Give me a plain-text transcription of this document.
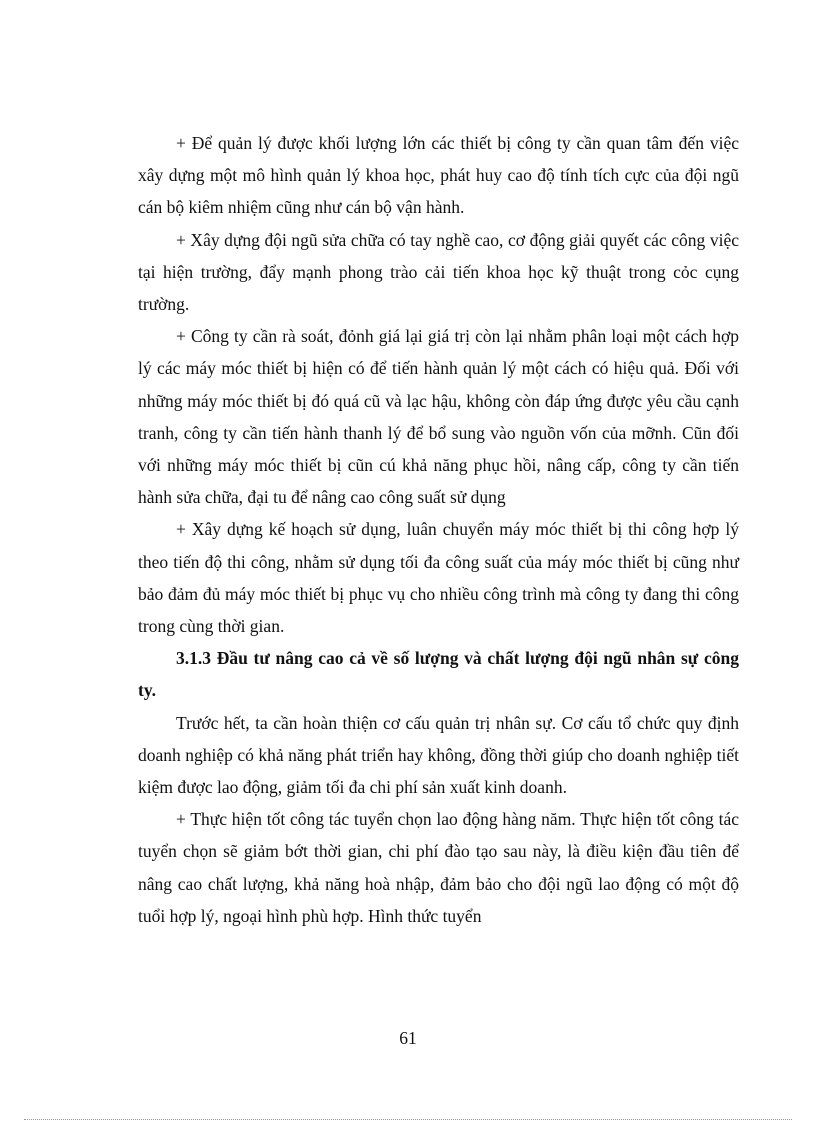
+ Để quản lý được khối lượng lớn các thiết bị công ty cần quan tâm đến việc xây dựng một mô hình quản lý khoa học, phát huy cao độ tính tích cực của đội ngũ cán bộ kiêm nhiệm cũng như cán bộ vận hành.

+ Xây dựng đội ngũ sửa chữa có tay nghề cao, cơ động giải quyết các công việc tại hiện trường, đẩy mạnh phong trào cải tiến khoa học kỹ thuật trong cỏc cụng trường.

+ Công ty cần rà soát, đỏnh giá lại giá trị còn lại nhằm phân loại một cách hợp lý các máy móc thiết bị hiện có để tiến hành quản lý một cách có hiệu quả. Đối với những máy móc thiết bị đó quá cũ và lạc hậu, không còn đáp ứng được yêu cầu cạnh tranh, công ty cần tiến hành thanh lý để bổ sung vào nguồn vốn của mỡnh. Cũn đối với những máy móc thiết bị cũn cú khả năng phục hồi, nâng cấp, công ty cần tiến hành sửa chữa, đại tu để nâng cao công suất sử dụng

+ Xây dựng kế hoạch sử dụng, luân chuyển máy móc thiết bị thi công hợp lý theo tiến độ thi công, nhằm sử dụng tối đa công suất của máy móc thiết bị cũng như bảo đảm đủ máy móc thiết bị phục vụ cho nhiều công trình mà công ty đang thi công trong cùng thời gian.

3.1.3 Đầu tư nâng cao cả về số lượng và chất lượng đội ngũ nhân sự công ty.

Trước hết, ta cần hoàn thiện cơ cấu quản trị nhân sự. Cơ cấu tổ chức quy định doanh nghiệp có khả năng phát triển hay không, đồng thời giúp cho doanh nghiệp tiết kiệm được lao động, giảm tối đa chi phí sản xuất kinh doanh.

+ Thực hiện tốt công tác tuyển chọn lao động hàng năm. Thực hiện tốt công tác tuyển chọn sẽ giảm bớt thời gian, chi phí đào tạo sau này, là điều kiện đầu tiên để nâng cao chất lượng, khả năng hoà nhập, đảm bảo cho đội ngũ lao động có một độ tuổi hợp lý, ngoại hình phù hợp. Hình thức tuyển

61
